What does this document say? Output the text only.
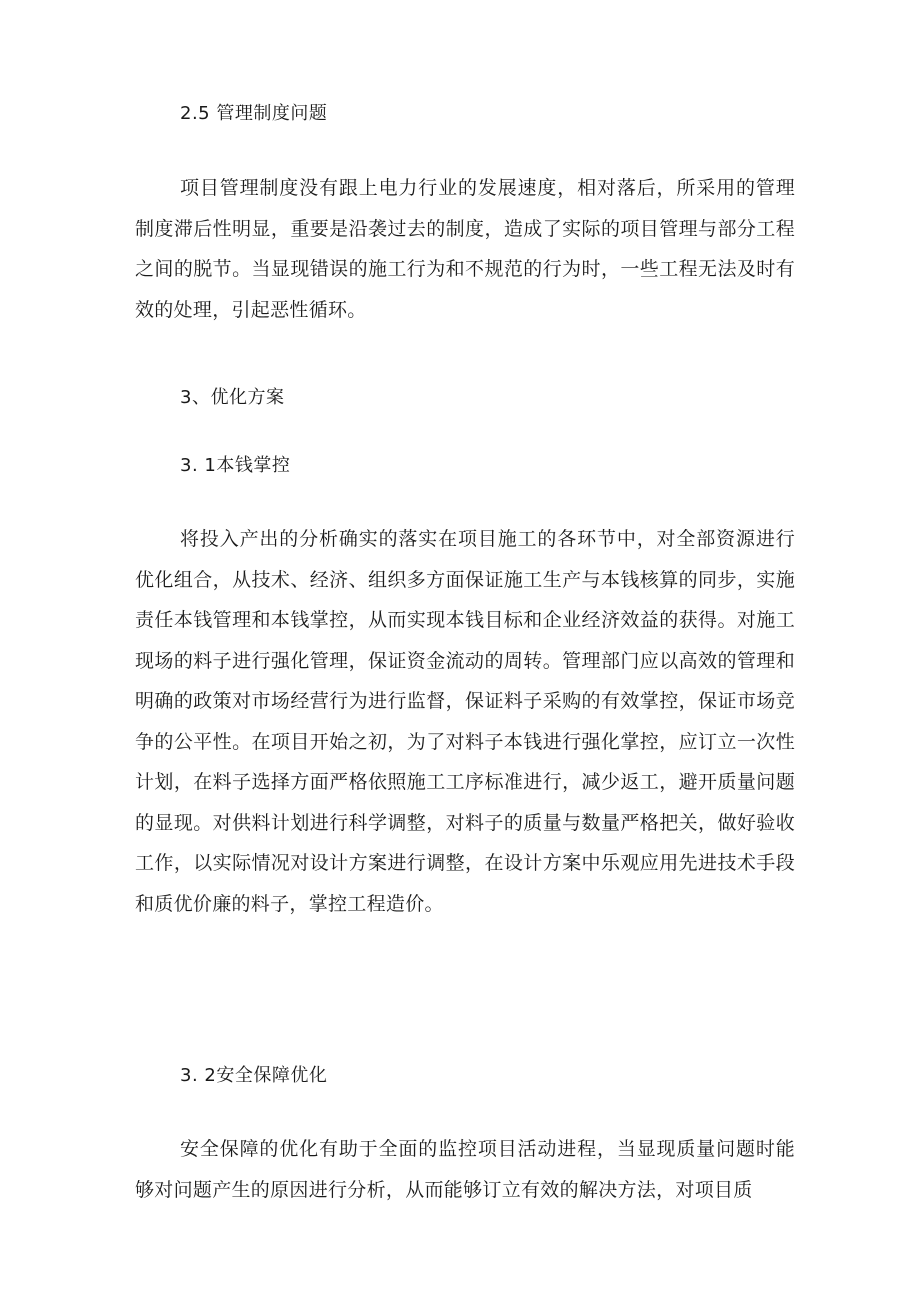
2.5 管理制度问题

项目管理制度没有跟上电力行业的发展速度，相对落后，所采用的管理制度滞后性明显，重要是沿袭过去的制度，造成了实际的项目管理与部分工程之间的脱节。当显现错误的施工行为和不规范的行为时，一些工程无法及时有效的处理，引起恶性循环。

3、优化方案
3. 1本钱掌控

将投入产出的分析确实的落实在项目施工的各环节中，对全部资源进行优化组合，从技术、经济、组织多方面保证施工生产与本钱核算的同步，实施责任本钱管理和本钱掌控，从而实现本钱目标和企业经济效益的获得。对施工现场的料子进行强化管理，保证资金流动的周转。管理部门应以高效的管理和明确的政策对市场经营行为进行监督，保证料子采购的有效掌控，保证市场竞争的公平性。在项目开始之初，为了对料子本钱进行强化掌控，应订立一次性计划，在料子选择方面严格依照施工工序标准进行，减少返工，避开质量问题的显现。对供料计划进行科学调整，对料子的质量与数量严格把关，做好验收工作，以实际情况对设计方案进行调整，在设计方案中乐观应用先进技术手段和质优价廉的料子，掌控工程造价。

3. 2安全保障优化

安全保障的优化有助于全面的监控项目活动进程，当显现质量问题时能够对问题产生的原因进行分析，从而能够订立有效的解决方法，对项目质
